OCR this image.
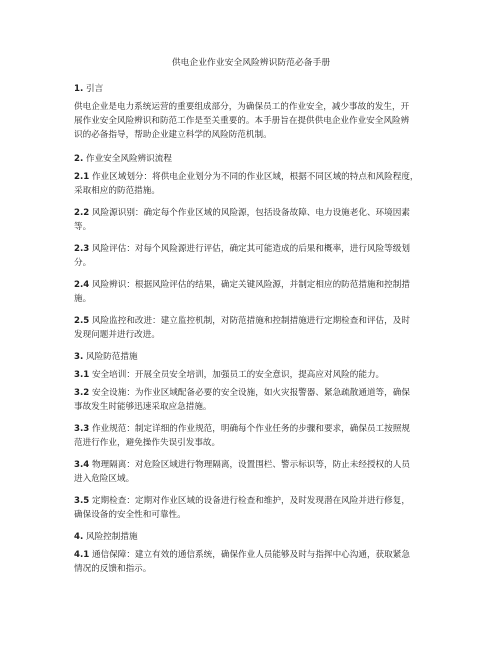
供电企业作业安全风险辨识防范必备手册
1. 引言
供电企业是电力系统运营的重要组成部分，为确保员工的作业安全，减少事故的发生，开
展作业安全风险辨识和防范工作是至关重要的。本手册旨在提供供电企业作业安全风险辨
识的必备指导，帮助企业建立科学的风险防范机制。
2. 作业安全风险辨识流程
2.1 作业区域划分：将供电企业划分为不同的作业区域，根据不同区域的特点和风险程度，
采取相应的防范措施。
2.2 风险源识别：确定每个作业区域的风险源，包括设备故障、电力设施老化、环境因素
等。
2.3 风险评估：对每个风险源进行评估，确定其可能造成的后果和概率，进行风险等级划
分。
2.4 风险辨识：根据风险评估的结果，确定关键风险源，并制定相应的防范措施和控制措
施。
2.5 风险监控和改进：建立监控机制，对防范措施和控制措施进行定期检查和评估，及时
发现问题并进行改进。
3. 风险防范措施
3.1 安全培训：开展全员安全培训，加强员工的安全意识，提高应对风险的能力。
3.2 安全设施：为作业区域配备必要的安全设施，如火灾报警器、紧急疏散通道等，确保
事故发生时能够迅速采取应急措施。
3.3 作业规范：制定详细的作业规范，明确每个作业任务的步骤和要求，确保员工按照规
范进行作业，避免操作失误引发事故。
3.4 物理隔离：对危险区域进行物理隔离，设置围栏、警示标识等，防止未经授权的人员
进入危险区域。
3.5 定期检查：定期对作业区域的设备进行检查和维护，及时发现潜在风险并进行修复，
确保设备的安全性和可靠性。
4. 风险控制措施
4.1 通信保障：建立有效的通信系统，确保作业人员能够及时与指挥中心沟通，获取紧急
情况的反馈和指示。
